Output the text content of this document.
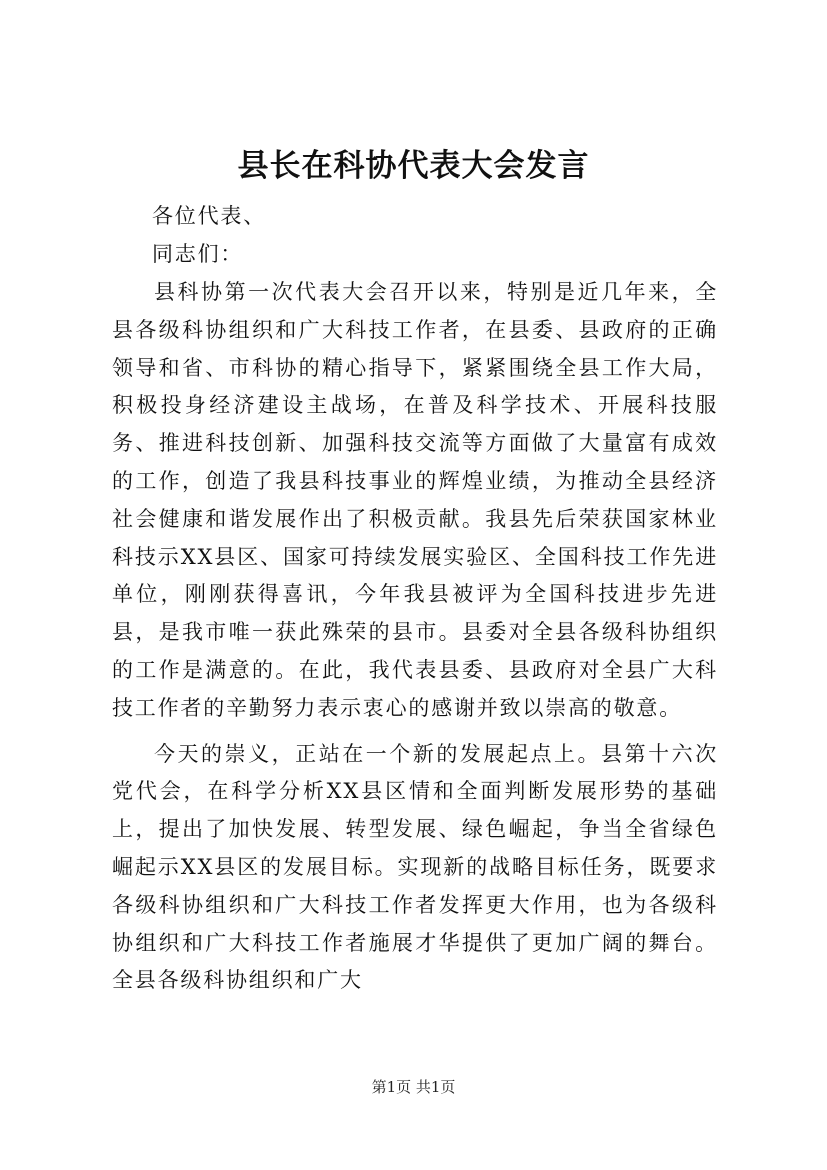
县长在科协代表大会发言
各位代表、
同志们：

县科协第一次代表大会召开以来，特别是近几年来，全县各级科协组织和广大科技工作者，在县委、县政府的正确领导和省、市科协的精心指导下，紧紧围绕全县工作大局，积极投身经济建设主战场，在普及科学技术、开展科技服务、推进科技创新、加强科技交流等方面做了大量富有成效的工作，创造了我县科技事业的辉煌业绩，为推动全县经济社会健康和谐发展作出了积极贡献。我县先后荣获国家林业科技示XX县区、国家可持续发展实验区、全国科技工作先进单位，刚刚获得喜讯，今年我县被评为全国科技进步先进县，是我市唯一获此殊荣的县市。县委对全县各级科协组织的工作是满意的。在此，我代表县委、县政府对全县广大科技工作者的辛勤努力表示衷心的感谢并致以崇高的敬意。

今天的崇义，正站在一个新的发展起点上。县第十六次党代会，在科学分析XX县区情和全面判断发展形势的基础上，提出了加快发展、转型发展、绿色崛起，争当全省绿色崛起示XX县区的发展目标。实现新的战略目标任务，既要求各级科协组织和广大科技工作者发挥更大作用，也为各级科协组织和广大科技工作者施展才华提供了更加广阔的舞台。全县各级科协组织和广大

第1页 共1页
